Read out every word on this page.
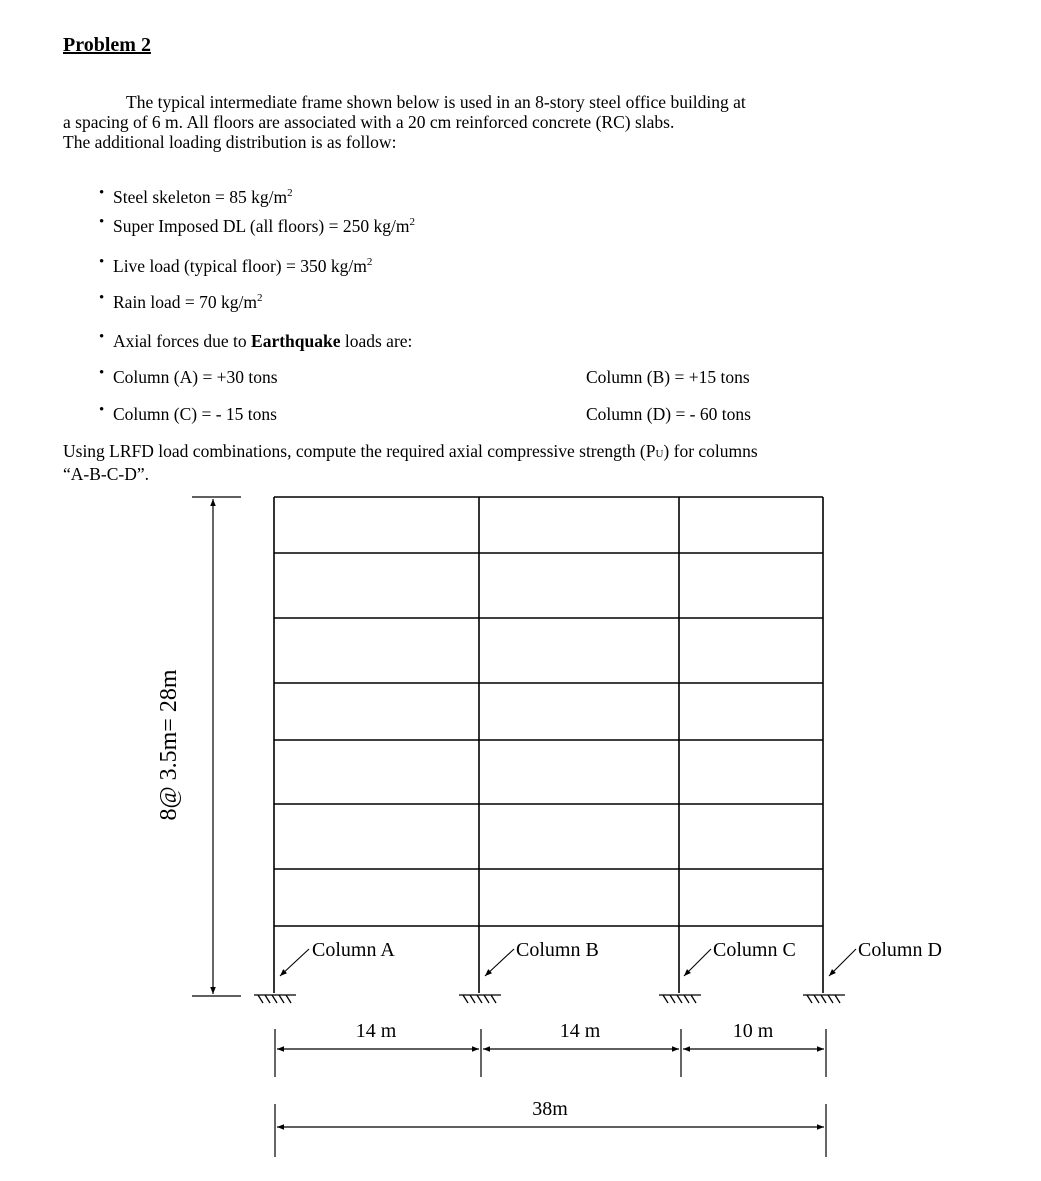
Problem 2
The typical intermediate frame shown below is used in an 8-story steel office building at
a spacing of 6 m. All floors are associated with a 20 cm reinforced concrete (RC) slabs.
The additional loading distribution is as follow:
• Steel skeleton = 85 $kg/m^2$
• Super Imposed DL (all floors) = 250 $kg/m^2$
• Live load (typical floor) = 350 $kg/m^2$
• Rain load = 70 $kg/m^2$
• Axial forces due to Earthquake loads are:
• Column (A) = +30 tons	Column (B) = +15 tons
• Column (C) = - 15 tons	Column (D) = - 60 tons
Using LRFD load combinations, compute the required axial compressive strength (PU) for columns
“A-B-C-D”.
Column A	Column B	Column C	Column D
8@ 3.5m= 28m
14 m	14 m	10 m
38m
